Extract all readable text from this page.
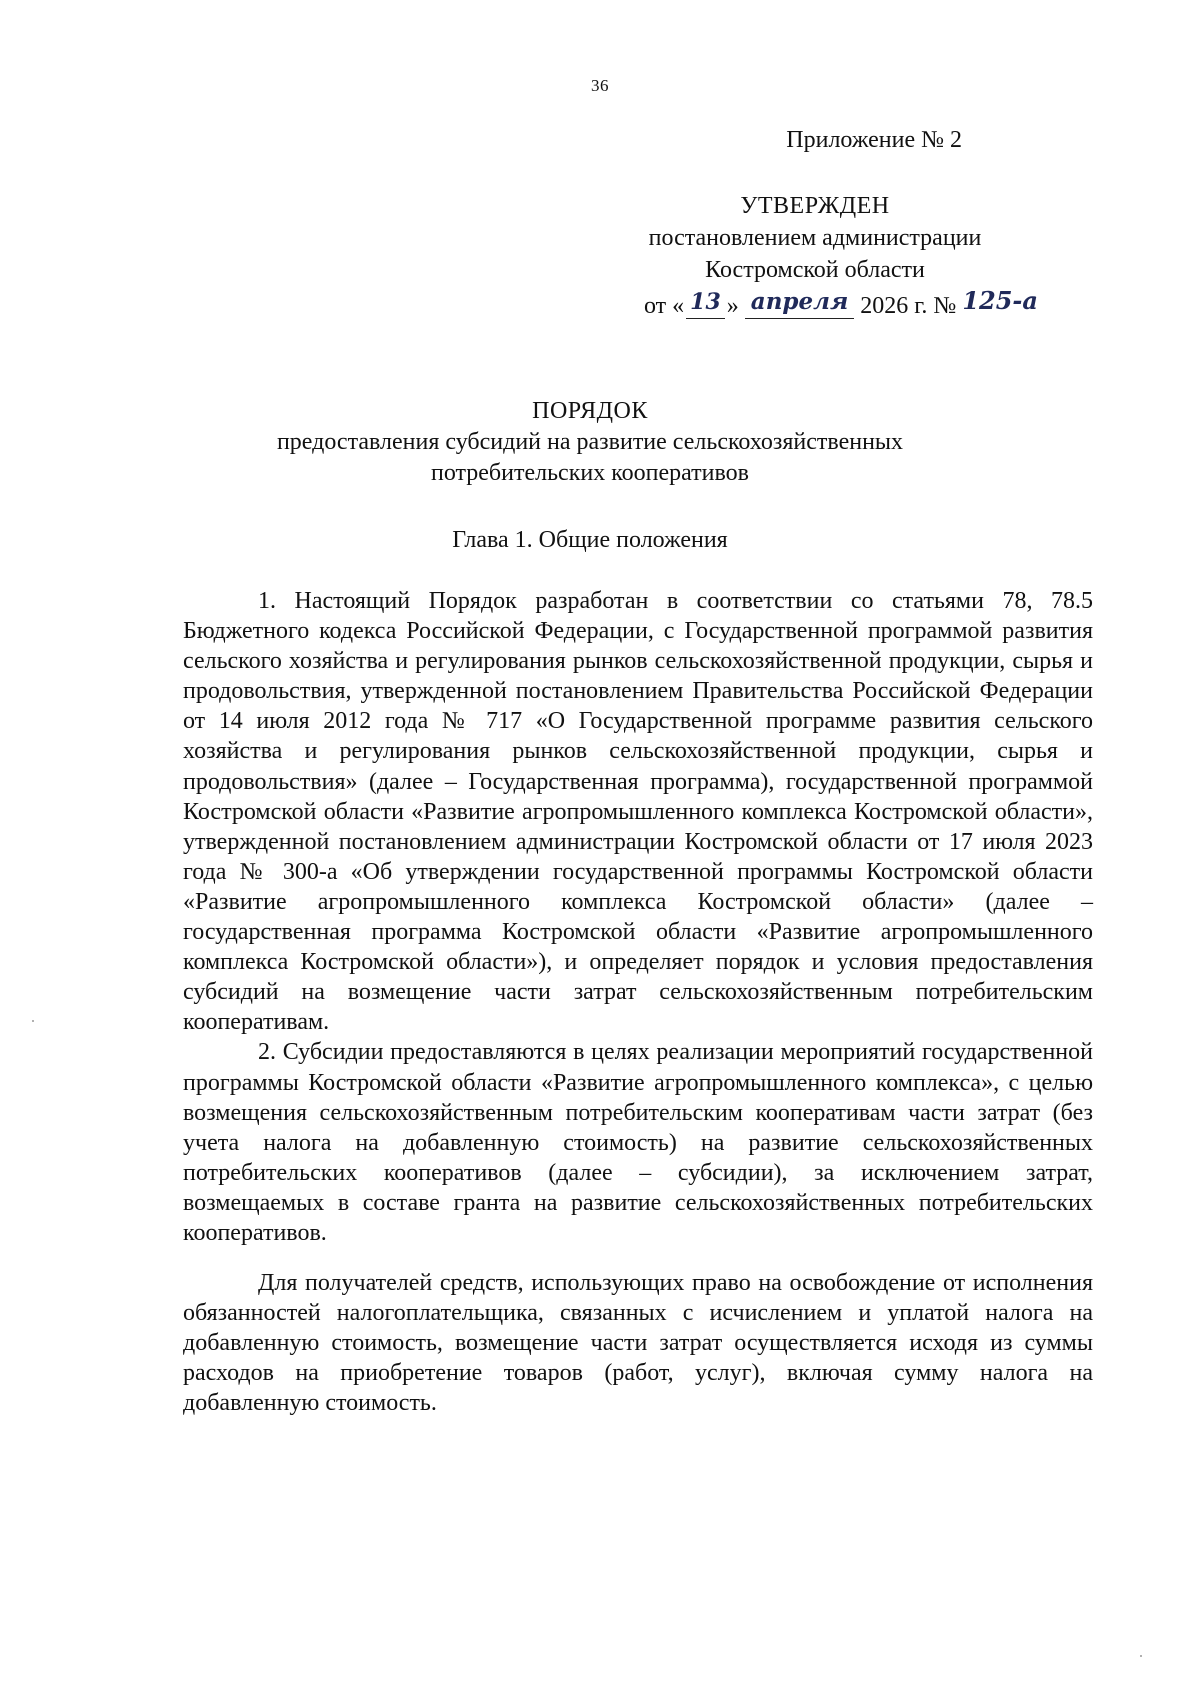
36
Приложение № 2
УТВЕРЖДЕН
постановлением администрации
Костромской области
от « 13 » апреля 2026 г. № 125-а
ПОРЯДОК
предоставления субсидий на развитие сельскохозяйственных
потребительских кооперативов
Глава 1. Общие положения

1. Настоящий Порядок разработан в соответствии со статьями 78, 78.5 Бюджетного кодекса Российской Федерации, с Государственной программой развития сельского хозяйства и регулирования рынков сельскохозяйственной продукции, сырья и продовольствия, утвержденной постановлением Правительства Российской Федерации от 14 июля 2012 года № 717 «О Государственной программе развития сельского хозяйства и регулирования рынков сельскохозяйственной продукции, сырья и продовольствия» (далее – Государственная программа), государственной программой Костромской области «Развитие агропромышленного комплекса Костромской области», утвержденной постановлением администрации Костромской области от 17 июля 2023 года № 300-а «Об утверждении государственной программы Костромской области «Развитие агропромышленного комплекса Костромской области» (далее – государственная программа Костромской области «Развитие агропромышленного комплекса Костромской области»), и определяет порядок и условия предоставления субсидий на возмещение части затрат сельскохозяйственным потребительским кооперативам.

2. Субсидии предоставляются в целях реализации мероприятий государственной программы Костромской области «Развитие агропромышленного комплекса», с целью возмещения сельскохозяйственным потребительским кооперативам части затрат (без учета налога на добавленную стоимость) на развитие сельскохозяйственных потребительских кооперативов (далее – субсидии), за исключением затрат, возмещаемых в составе гранта на развитие сельскохозяйственных потребительских кооперативов.

Для получателей средств, использующих право на освобождение от исполнения обязанностей налогоплательщика, связанных с исчислением и уплатой налога на добавленную стоимость, возмещение части затрат осуществляется исходя из суммы расходов на приобретение товаров (работ, услуг), включая сумму налога на добавленную стоимость.
